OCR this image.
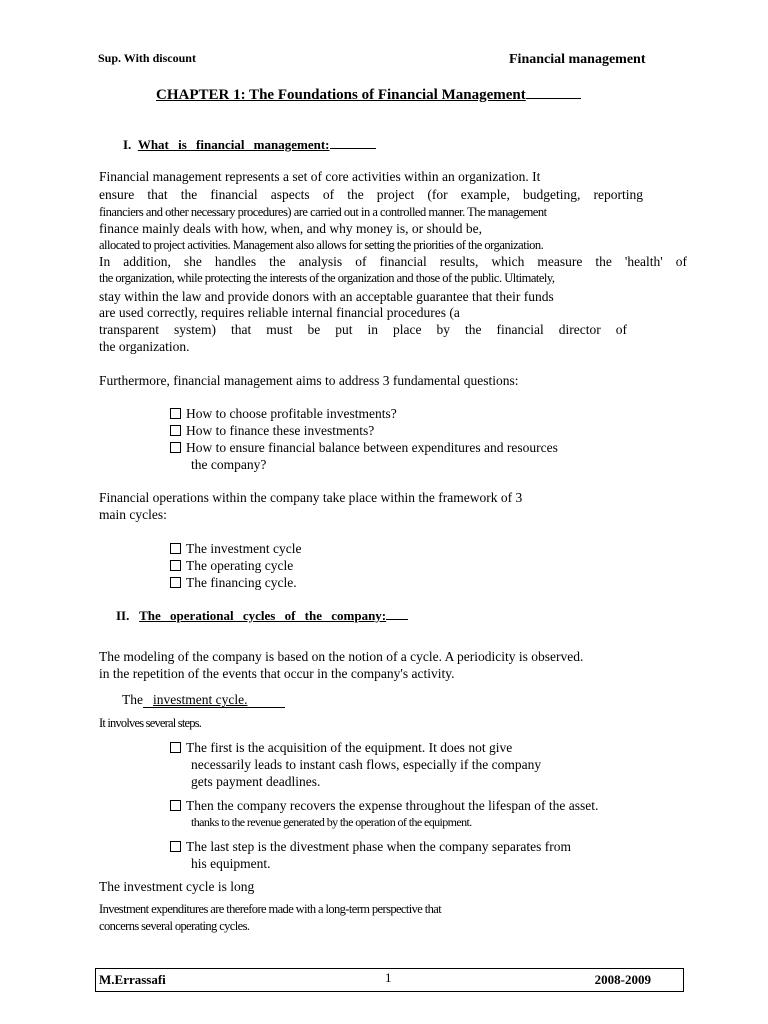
Sup. With discount	Financial management
CHAPTER 1: The Foundations of Financial Management
I. What is financial management:
Financial management represents a set of core activities within an organization. It
ensure that the financial aspects of the project (for example, budgeting, reporting
financiers and other necessary procedures) are carried out in a controlled manner. The management
finance mainly deals with how, when, and why money is, or should be,
allocated to project activities. Management also allows for setting the priorities of the organization.
In addition, she handles the analysis of financial results, which measure the 'health' of
the organization, while protecting the interests of the organization and those of the public. Ultimately,
stay within the law and provide donors with an acceptable guarantee that their funds
are used correctly, requires reliable internal financial procedures (a
transparent system) that must be put in place by the financial director of
the organization.
Furthermore, financial management aims to address 3 fundamental questions:
How to choose profitable investments?
How to finance these investments?
How to ensure financial balance between expenditures and resources
the company?
Financial operations within the company take place within the framework of 3
main cycles:
The investment cycle
The operating cycle
The financing cycle.
II. The operational cycles of the company:
The modeling of the company is based on the notion of a cycle. A periodicity is observed.
in the repetition of the events that occur in the company's activity.
The investment cycle.
It involves several steps.
The first is the acquisition of the equipment. It does not give
necessarily leads to instant cash flows, especially if the company
gets payment deadlines.
Then the company recovers the expense throughout the lifespan of the asset.
thanks to the revenue generated by the operation of the equipment.
The last step is the divestment phase when the company separates from
his equipment.
The investment cycle is long
Investment expenditures are therefore made with a long-term perspective that
concerns several operating cycles.
M.Errassafi	1	2008-2009
